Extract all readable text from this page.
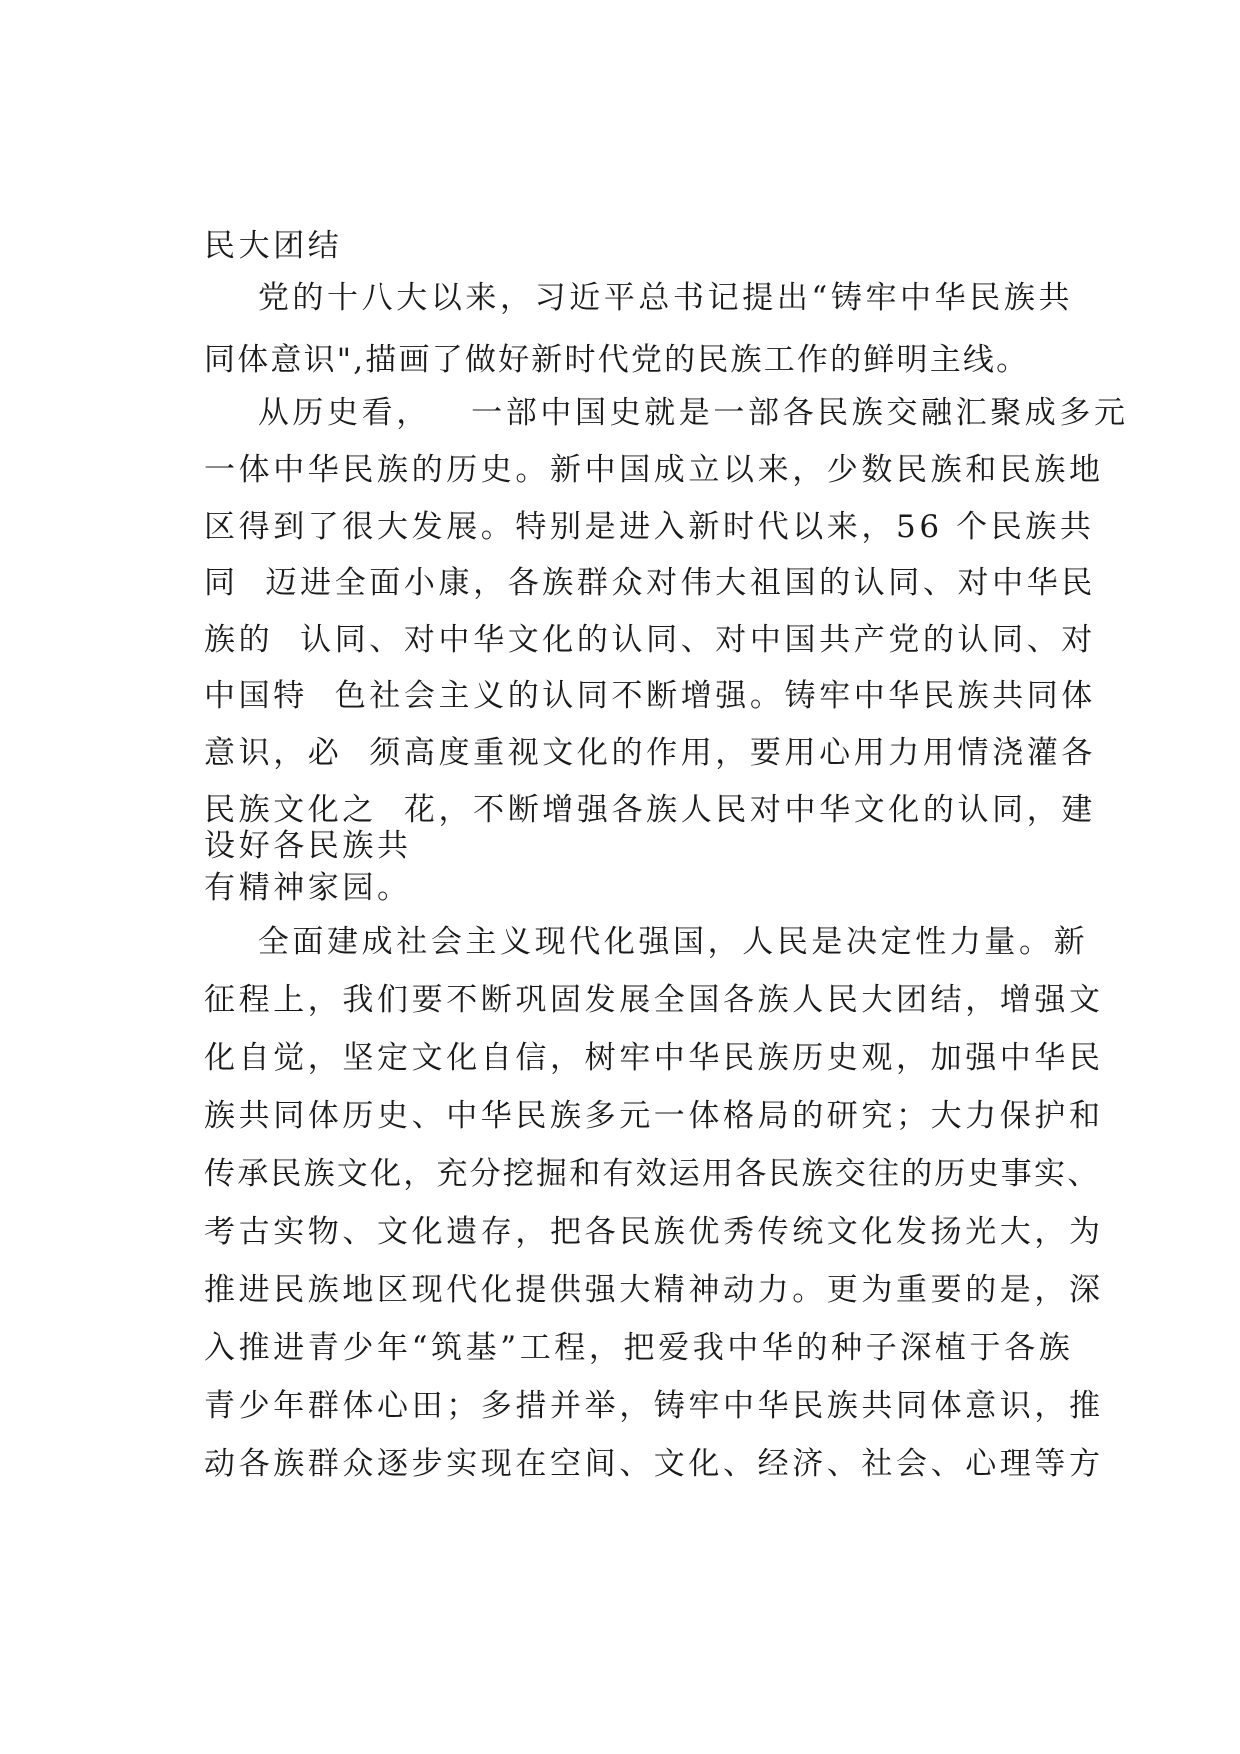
民大团结
党的十八大以来，习近平总书记提出“铸牢中华民族共
同体意识",描画了做好新时代党的民族工作的鲜明主线。
从历史看，   一部中国史就是一部各民族交融汇聚成多元
一体中华民族的历史。新中国成立以来，少数民族和民族地
区得到了很大发展。特别是进入新时代以来，56 个民族共
同  迈进全面小康，各族群众对伟大祖国的认同、对中华民
族的  认同、对中华文化的认同、对中国共产党的认同、对
中国特  色社会主义的认同不断增强。铸牢中华民族共同体
意识，必  须高度重视文化的作用，要用心用力用情浇灌各
民族文化之  花，不断增强各族人民对中华文化的认同，建
设好各民族共
有精神家园。
全面建成社会主义现代化强国，人民是决定性力量。新
征程上，我们要不断巩固发展全国各族人民大团结，增强文
化自觉，坚定文化自信，树牢中华民族历史观，加强中华民
族共同体历史、中华民族多元一体格局的研究；大力保护和
传承民族文化，充分挖掘和有效运用各民族交往的历史事实、
考古实物、文化遗存，把各民族优秀传统文化发扬光大，为
推进民族地区现代化提供强大精神动力。更为重要的是，深
入推进青少年“筑基”工程，把爱我中华的种子深植于各族
青少年群体心田；多措并举，铸牢中华民族共同体意识，推
动各族群众逐步实现在空间、文化、经济、社会、心理等方
